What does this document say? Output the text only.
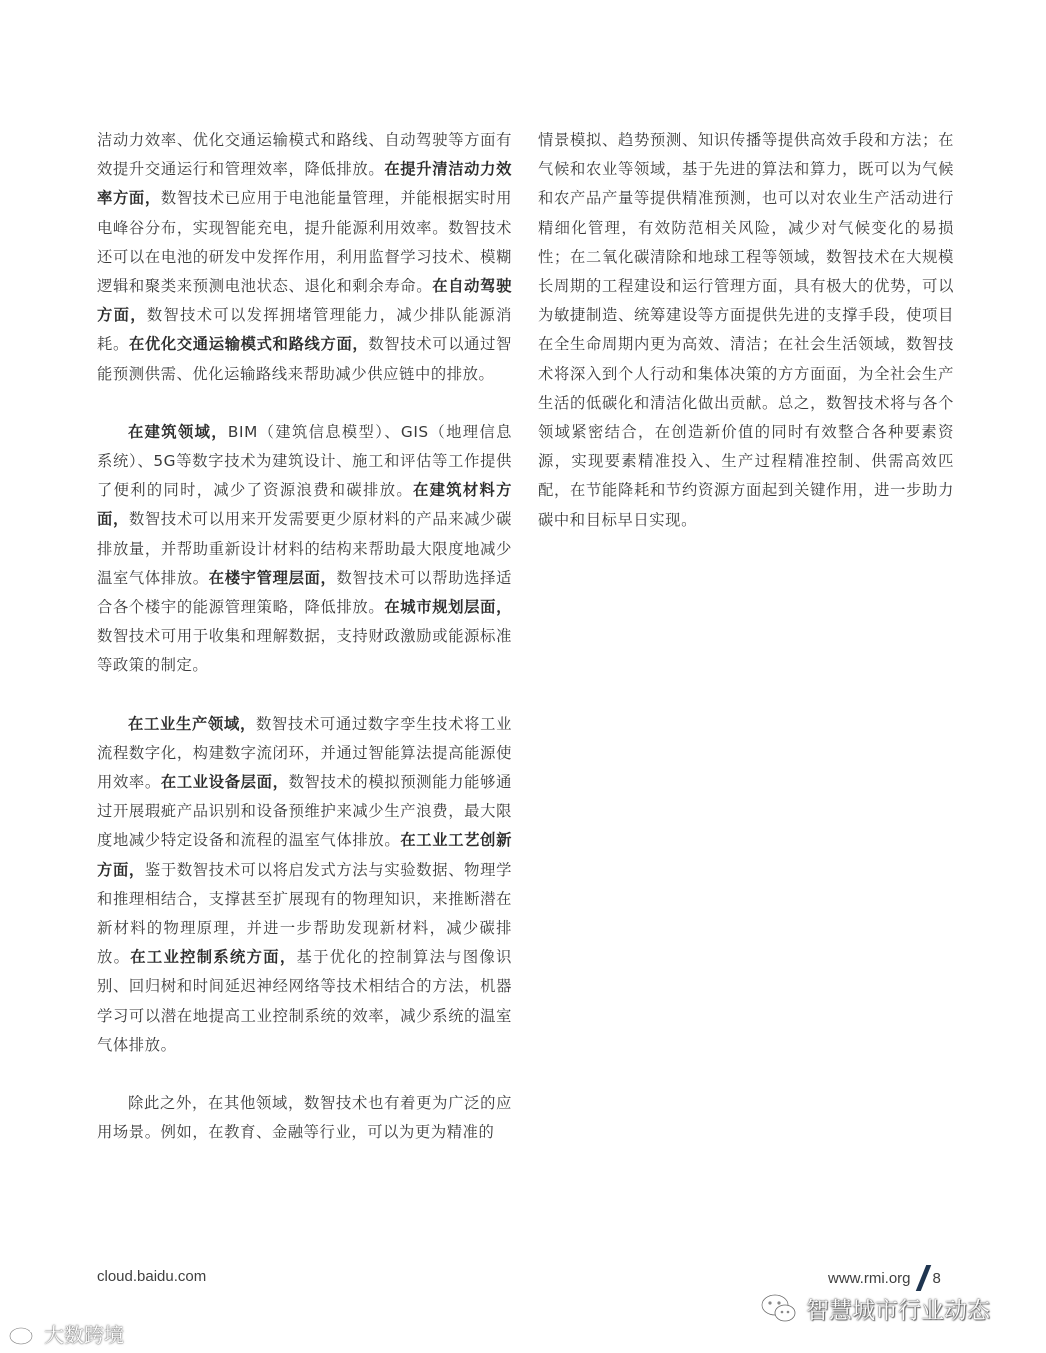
洁动力效率、优化交通运输模式和路线、自动驾驶等方面有效提升交通运行和管理效率，降低排放。在提升清洁动力效率方面，数智技术已应用于电池能量管理，并能根据实时用电峰谷分布，实现智能充电，提升能源利用效率。数智技术还可以在电池的研发中发挥作用，利用监督学习技术、模糊逻辑和聚类来预测电池状态、退化和剩余寿命。在自动驾驶方面，数智技术可以发挥拥堵管理能力，减少排队能源消耗。在优化交通运输模式和路线方面，数智技术可以通过智能预测供需、优化运输路线来帮助减少供应链中的排放。

在建筑领域，BIM（建筑信息模型）、GIS（地理信息系统）、5G等数字技术为建筑设计、施工和评估等工作提供了便利的同时，减少了资源浪费和碳排放。在建筑材料方面，数智技术可以用来开发需要更少原材料的产品来减少碳排放量，并帮助重新设计材料的结构来帮助最大限度地减少温室气体排放。在楼宇管理层面，数智技术可以帮助选择适合各个楼宇的能源管理策略，降低排放。在城市规划层面，数智技术可用于收集和理解数据，支持财政激励或能源标准等政策的制定。

在工业生产领域，数智技术可通过数字孪生技术将工业流程数字化，构建数字流闭环，并通过智能算法提高能源使用效率。在工业设备层面，数智技术的模拟预测能力能够通过开展瑕疵产品识别和设备预维护来减少生产浪费，最大限度地减少特定设备和流程的温室气体排放。在工业工艺创新方面，鉴于数智技术可以将启发式方法与实验数据、物理学和推理相结合，支撑甚至扩展现有的物理知识，来推断潜在新材料的物理原理，并进一步帮助发现新材料，减少碳排放。在工业控制系统方面，基于优化的控制算法与图像识别、回归树和时间延迟神经网络等技术相结合的方法，机器学习可以潜在地提高工业控制系统的效率，减少系统的温室气体排放。

除此之外，在其他领域，数智技术也有着更为广泛的应用场景。例如，在教育、金融等行业，可以为更为精准的

情景模拟、趋势预测、知识传播等提供高效手段和方法；在气候和农业等领域，基于先进的算法和算力，既可以为气候和农产品产量等提供精准预测，也可以对农业生产活动进行精细化管理，有效防范相关风险，减少对气候变化的易损性；在二氧化碳清除和地球工程等领域，数智技术在大规模长周期的工程建设和运行管理方面，具有极大的优势，可以为敏捷制造、统筹建设等方面提供先进的支撑手段，使项目在全生命周期内更为高效、清洁；在社会生活领域，数智技术将深入到个人行动和集体决策的方方面面，为全社会生产生活的低碳化和清洁化做出贡献。总之，数智技术将与各个领域紧密结合，在创造新价值的同时有效整合各种要素资源，实现要素精准投入、生产过程精准控制、供需高效匹配，在节能降耗和节约资源方面起到关键作用，进一步助力碳中和目标早日实现。

cloud.baidu.com	www.rmi.org 8
大数跨境
智慧城市行业动态
